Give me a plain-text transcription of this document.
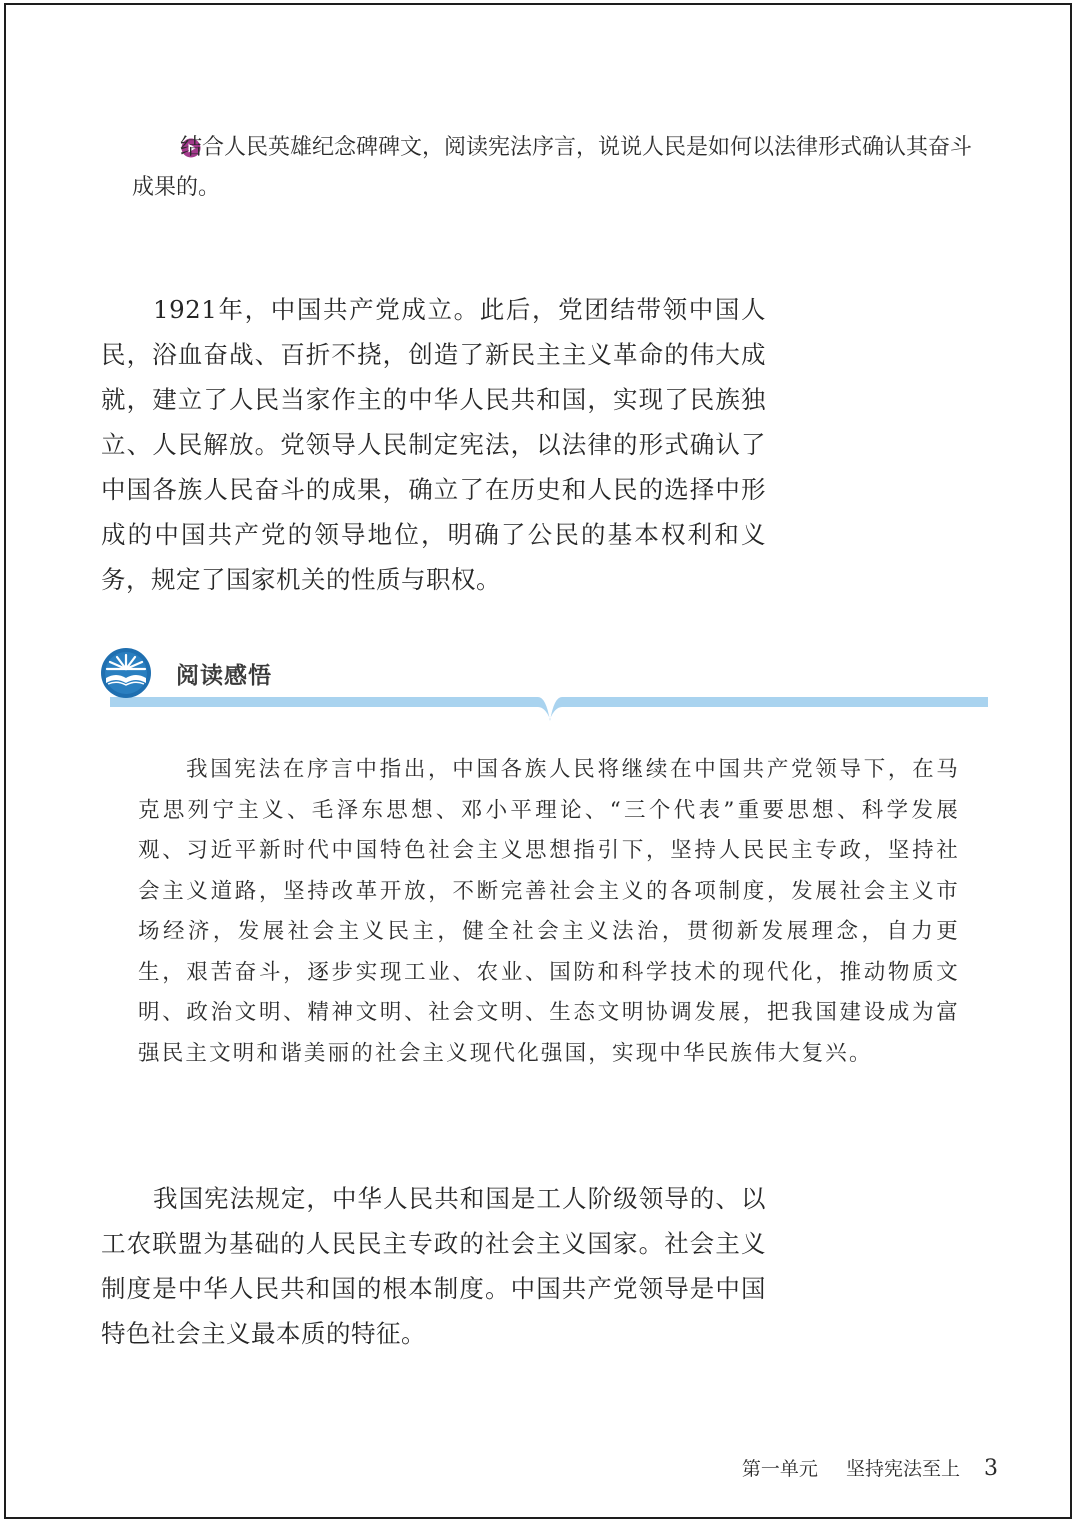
结合人民英雄纪念碑碑文，阅读宪法序言，说说人民是如何以法律形式确认其奋斗成果的。
1921年，中国共产党成立。此后，党团结带领中国人民，浴血奋战、百折不挠，创造了新民主主义革命的伟大成就，建立了人民当家作主的中华人民共和国，实现了民族独立、人民解放。党领导人民制定宪法，以法律的形式确认了中国各族人民奋斗的成果，确立了在历史和人民的选择中形成的中国共产党的领导地位，明确了公民的基本权利和义务，规定了国家机关的性质与职权。
阅读感悟
我国宪法在序言中指出，中国各族人民将继续在中国共产党领导下，在马克思列宁主义、毛泽东思想、邓小平理论、“三个代表”重要思想、科学发展观、习近平新时代中国特色社会主义思想指引下，坚持人民民主专政，坚持社会主义道路，坚持改革开放，不断完善社会主义的各项制度，发展社会主义市场经济，发展社会主义民主，健全社会主义法治，贯彻新发展理念，自力更生，艰苦奋斗，逐步实现工业、农业、国防和科学技术的现代化，推动物质文明、政治文明、精神文明、社会文明、生态文明协调发展，把我国建设成为富强民主文明和谐美丽的社会主义现代化强国，实现中华民族伟大复兴。
我国宪法规定，中华人民共和国是工人阶级领导的、以工农联盟为基础的人民民主专政的社会主义国家。社会主义制度是中华人民共和国的根本制度。中国共产党领导是中国特色社会主义最本质的特征。
第一单元 坚持宪法至上 3
